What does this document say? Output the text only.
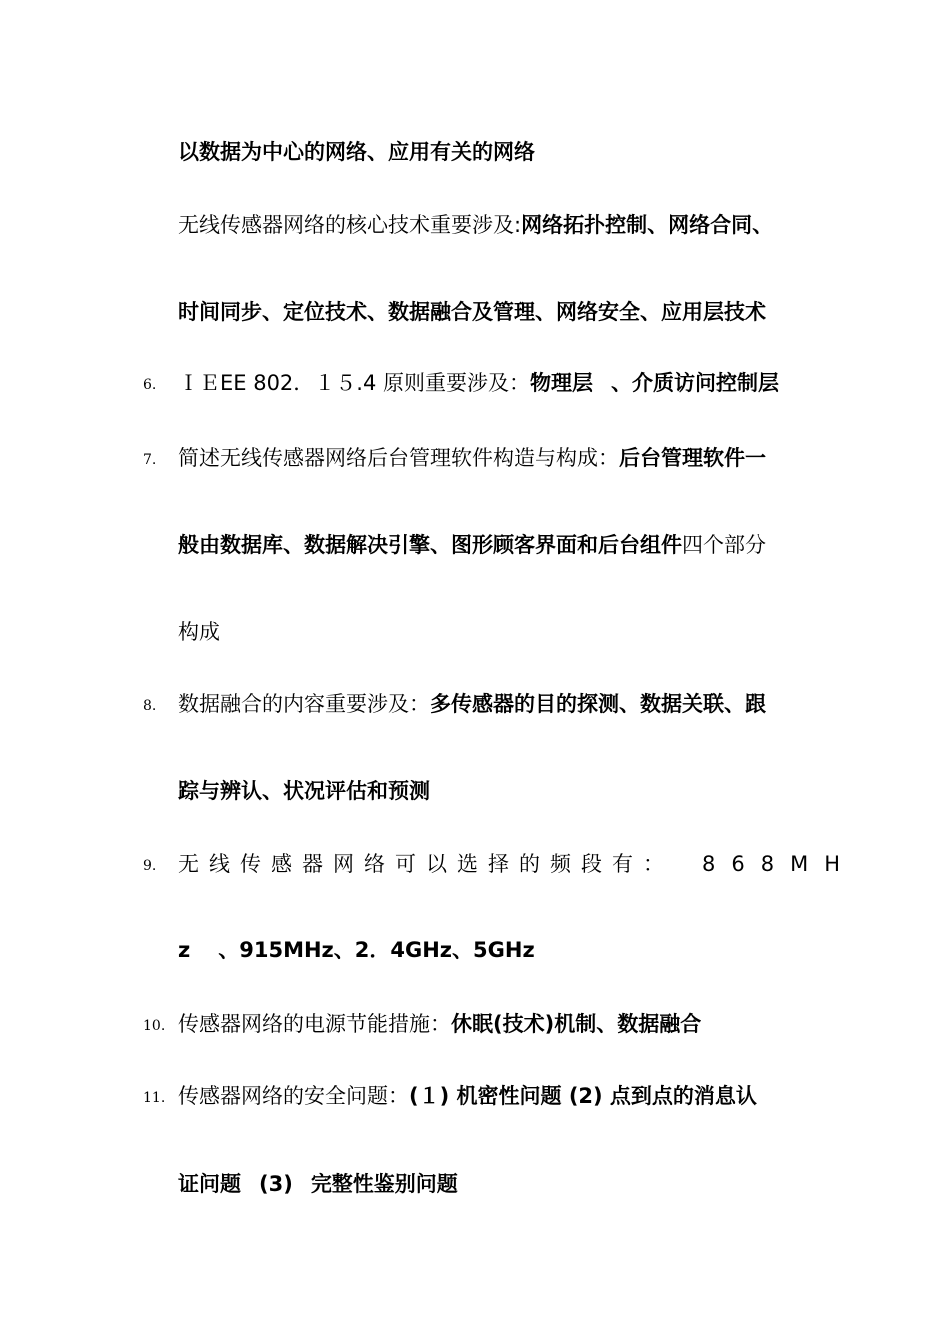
以数据为中心的网络、应用有关的网络
无线传感器网络的核心技术重要涉及:网络拓扑控制、网络合同、
时间同步、定位技术、数据融合及管理、网络安全、应用层技术
6. ＩＥEE 802．１５.4 原则重要涉及：物理层 、介质访问控制层
7. 简述无线传感器网络后台管理软件构造与构成：后台管理软件一
般由数据库、数据解决引擎、图形顾客界面和后台组件四个部分
构成
8. 数据融合的内容重要涉及：多传感器的目的探测、数据关联、跟
踪与辨认、状况评估和预测
9. 无线传感器网络可以选择的频段有： 868MH
z 、915MHz、2．4GHz、5GHz
10. 传感器网络的电源节能措施：休眠(技术)机制、数据融合
11. 传感器网络的安全问题：(１) 机密性问题 (2) 点到点的消息认
证问题 (3) 完整性鉴别问题
